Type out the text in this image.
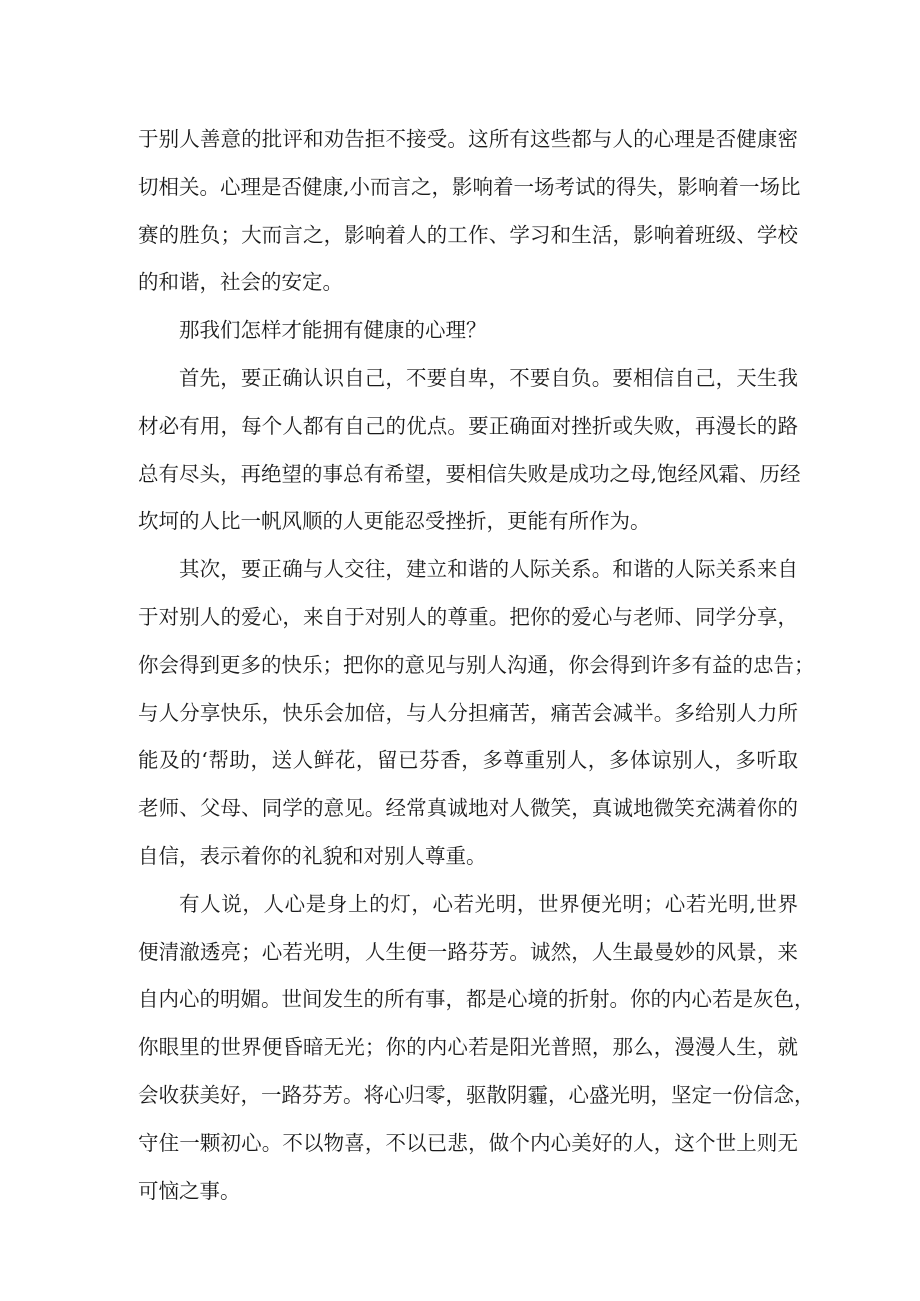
于别人善意的批评和劝告拒不接受。这所有这些都与人的心理是否健康密
切相关。心理是否健康,小而言之，影响着一场考试的得失，影响着一场比
赛的胜负；大而言之，影响着人的工作、学习和生活，影响着班级、学校
的和谐，社会的安定。
那我们怎样才能拥有健康的心理？
首先，要正确认识自己，不要自卑，不要自负。要相信自己，天生我
材必有用，每个人都有自己的优点。要正确面对挫折或失败，再漫长的路
总有尽头，再绝望的事总有希望，要相信失败是成功之母,饱经风霜、历经
坎坷的人比一帆风顺的人更能忍受挫折，更能有所作为。
其次，要正确与人交往，建立和谐的人际关系。和谐的人际关系来自
于对别人的爱心，来自于对别人的尊重。把你的爱心与老师、同学分享，
你会得到更多的快乐；把你的意见与别人沟通，你会得到许多有益的忠告；
与人分享快乐，快乐会加倍，与人分担痛苦，痛苦会减半。多给别人力所
能及的‘帮助，送人鲜花，留已芬香，多尊重别人，多体谅别人，多听取
老师、父母、同学的意见。经常真诚地对人微笑，真诚地微笑充满着你的
自信，表示着你的礼貌和对别人尊重。
有人说，人心是身上的灯，心若光明，世界便光明；心若光明,世界
便清澈透亮；心若光明，人生便一路芬芳。诚然，人生最曼妙的风景，来
自内心的明媚。世间发生的所有事，都是心境的折射。你的内心若是灰色，
你眼里的世界便昏暗无光；你的内心若是阳光普照，那么，漫漫人生，就
会收获美好，一路芬芳。将心归零，驱散阴霾，心盛光明，坚定一份信念，
守住一颗初心。不以物喜，不以已悲，做个内心美好的人，这个世上则无
可恼之事。
